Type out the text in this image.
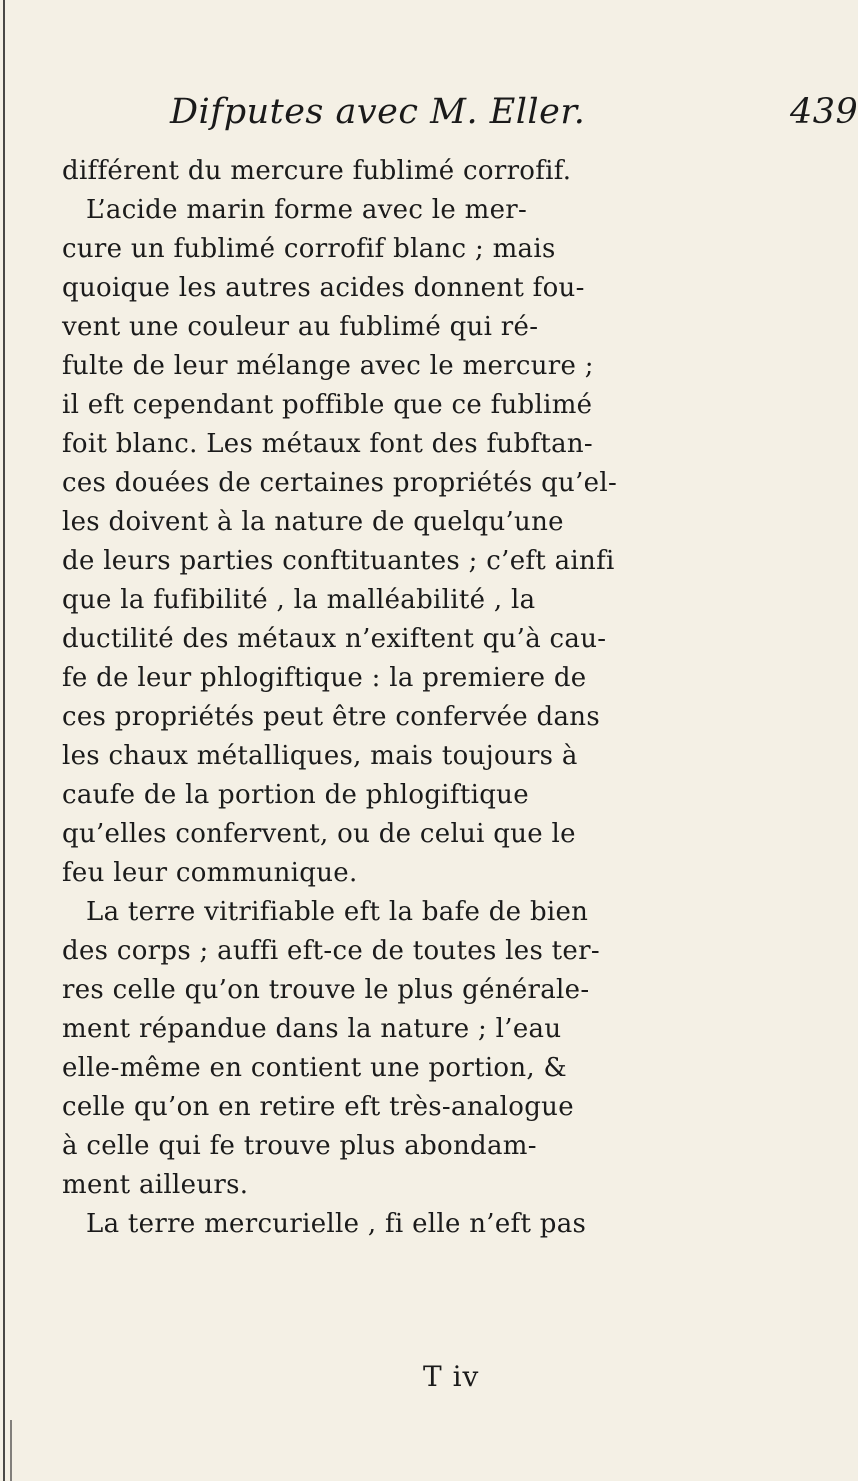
Difputes avec M. Eller.	439
différent du mercure fublimé corrofif.
L’acide marin forme avec le mer-
cure un fublimé corrofif blanc ; mais
quoique les autres acides donnent fou-
vent une couleur au fublimé qui ré-
fulte de leur mélange avec le mercure ;
il eft cependant poffible que ce fublimé
foit blanc. Les métaux font des fubftan-
ces douées de certaines propriétés qu’el-
les doivent à la nature de quelqu’une
de leurs parties conftituantes ; c’eft ainfi
que la fufibilité , la malléabilité , la
ductilité des métaux n’exiftent qu’à cau-
fe de leur phlogiftique : la premiere de
ces propriétés peut être confervée dans
les chaux métalliques, mais toujours à
caufe de la portion de phlogiftique
qu’elles confervent, ou de celui que le
feu leur communique.
La terre vitrifiable eft la bafe de bien
des corps ; auffi eft-ce de toutes les ter-
res celle qu’on trouve le plus générale-
ment répandue dans la nature ; l’eau
elle-même en contient une portion, &
celle qu’on en retire eft très-analogue
à celle qui fe trouve plus abondam-
ment ailleurs.
La terre mercurielle , fi elle n’eft pas
T iv
